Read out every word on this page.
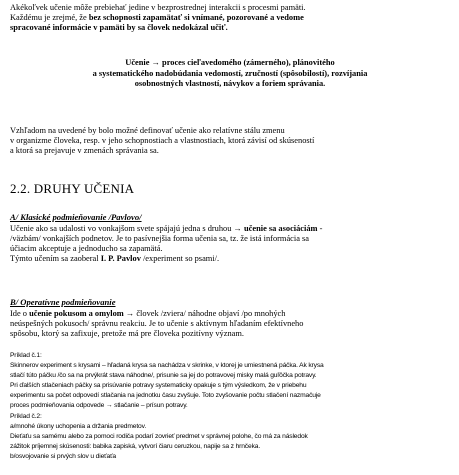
Akékoľvek učenie môže prebiehať jedine v bezprostrednej interakcii s procesmi pamäti.
Každému je zrejmé, že bez schopnosti zapamätať si vnímané, pozorované a vedome
spracované informácie v pamäti by sa človek nedokázal učiť.
Učenie → proces cieľavedomého (zámerného), plánovitého
a systematického nadobúdania vedomostí, zručností (spôsobilostí), rozvíjania
osobnostných vlastností, návykov a foriem správania.
Vzhľadom na uvedené by bolo možné definovať učenie ako relatívne stálu zmenu
v organizme človeka, resp. v jeho schopnostiach a vlastnostiach, ktorá závisí od skúseností
a ktorá sa prejavuje v zmenách správania sa.
2.2. DRUHY UČENIA
A/ Klasické podmieňovanie /Pavlovo/
Učenie ako sa udalosti vo vonkajšom svete spájajú jedna s druhou → učenie sa asociáciám -
/väzbám/ vonkajších podnetov. Je to pasívnejšia forma učenia sa, tz. že istá informácia sa
účiacim akceptuje a jednoducho sa zapamätá.
Týmto učením sa zaoberal I. P. Pavlov /experiment so psami/.
B/ Operatívne podmieňovanie
Ide o učenie pokusom a omylom → človek /zviera/ náhodne objaví /po mnohých
neúspešných pokusoch/ správnu reakciu. Je to učenie s aktívnym hľadaním efektívneho
spôsobu, ktorý sa zafixuje, pretože má pre človeka pozitívny význam.
Príklad č.1:
Skinnerov experiment s krysami – hľadaná krysa sa nachádza v skrinke, v ktorej je umiestnená páčka. Ak krysa
stlačí túto páčku /čo sa na prvýkrát stava náhodne/, prisunie sa jej do potravovej misky malá guľôčka potravy.
Pri ďalších stlačeniach páčky sa prisúvanie potravy systematicky opakuje s tým výsledkom, že v priebehu
experimentu sa počet odpovedí stlačania na jednotku času zvyšuje. Toto zvyšovanie počtu stlačení nazmačuje
proces podmieňovania odpovede → stlačanie – prísun potravy.
Príklad č.2:
a/mnohé úkony uchopenia a držania predmetov.
Dieťaťu sa samému alebo za pomoci rodiča podarí zovrieť predmet v správnej polohe, čo má za následok
zážitok príjemnej skúsenosti: babika zapiská, vytvorí čiaru ceruzkou, napije sa z hrnčeka.
b/osvojovanie si prvých slov u dieťaťa
